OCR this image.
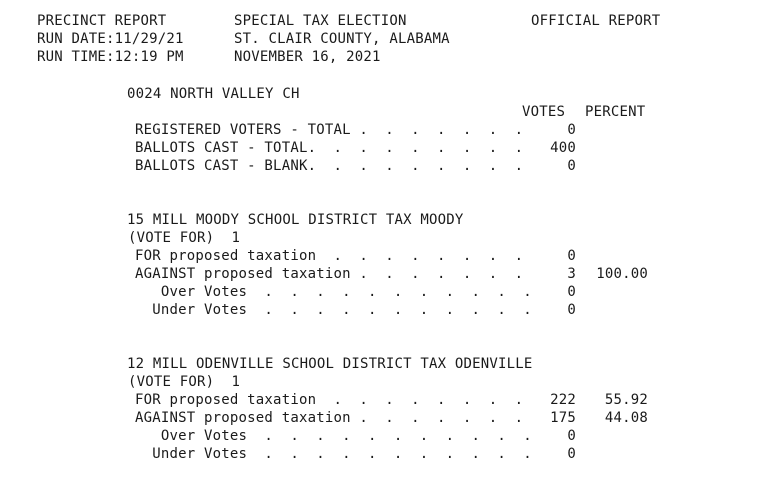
PRECINCT REPORT
RUN DATE:11/29/21
RUN TIME:12:19 PM
SPECIAL TAX ELECTION
ST. CLAIR COUNTY, ALABAMA
NOVEMBER 16, 2021
OFFICIAL REPORT
0024 NORTH VALLEY CH
VOTES PERCENT
REGISTERED VOTERS - TOTAL .  .  .  .  .  .  .	0
BALLOTS CAST - TOTAL.  .  .  .  .  .  .  .  . 400
BALLOTS CAST - BLANK.  .  .  .  .  .  .  .  .	0
15 MILL MOODY SCHOOL DISTRICT TAX MOODY
(VOTE FOR)  1
FOR proposed taxation  .  .  .  .  .  .  .  .	0
AGAINST proposed taxation .  .  .  .  .  .  .	3 100.00
Over Votes  .  .  .  .  .  .  .  .  .  .  .	0
Under Votes  .  .  .  .  .  .  .  .  .  .  .	0
12 MILL ODENVILLE SCHOOL DISTRICT TAX ODENVILLE
(VOTE FOR)  1
FOR proposed taxation  .  .  .  .  .  .  .  . 222 55.92
AGAINST proposed taxation .  .  .  .  .  .  . 175 44.08
Over Votes  .  .  .  .  .  .  .  .  .  .  .	0
Under Votes  .  .  .  .  .  .  .  .  .  .  .	0
